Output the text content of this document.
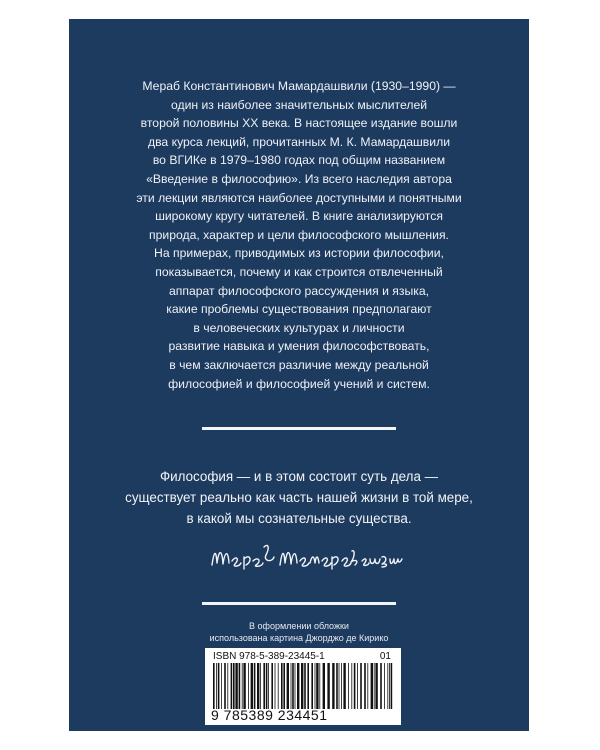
Мераб Константинович Мамардашвили (1930–1990) —
один из наиболее значительных мыслителей
второй половины XX века. В настоящее издание вошли
два курса лекций, прочитанных М. К. Мамардашвили
во ВГИКе в 1979–1980 годах под общим названием
«Введение в философию». Из всего наследия автора
эти лекции являются наиболее доступными и понятными
широкому кругу читателей. В книге анализируются
природа, характер и цели философского мышления.
На примерах, приводимых из истории философии,
показывается, почему и как строится отвлеченный
аппарат философского рассуждения и языка,
какие проблемы существования предполагают
в человеческих культурах и личности
развитие навыка и умения философствовать,
в чем заключается различие между реальной
философией и философией учений и систем.
Философия — и в этом состоит суть дела —
существует реально как часть нашей жизни в той мере,
в какой мы сознательные существа.
В оформлении обложки
использована картина Джорджо де Кирико
ISBN 978-5-389-23445-1	01
9 785389 234451
